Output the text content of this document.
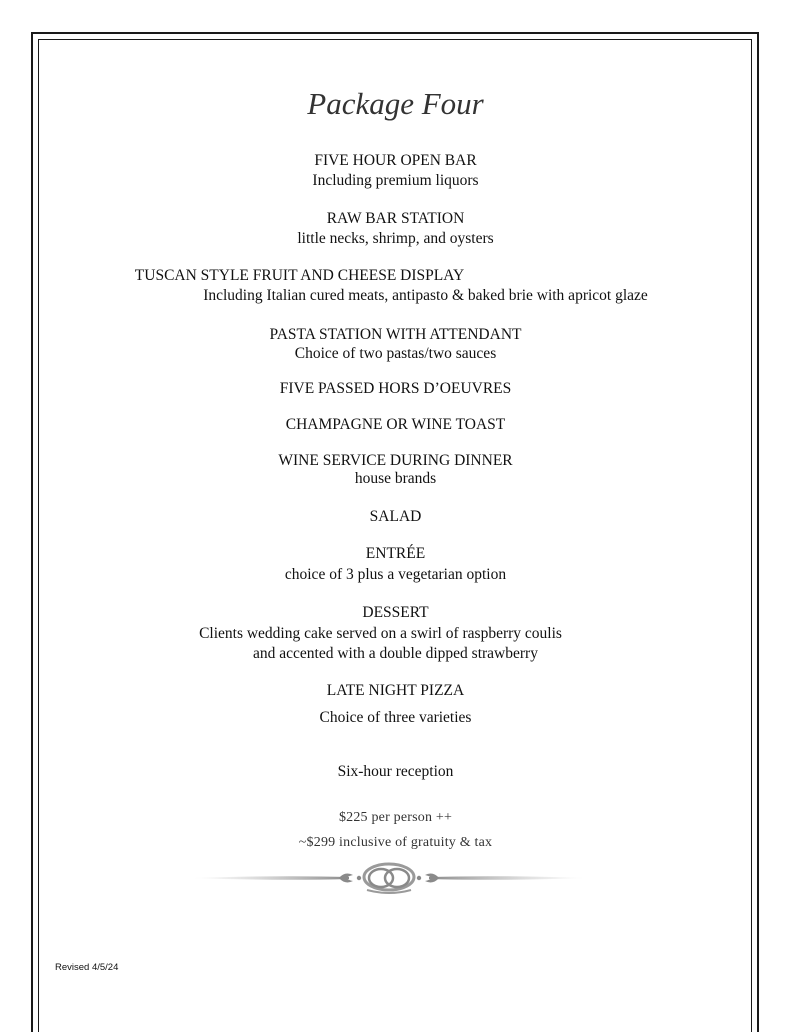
Package Four
FIVE HOUR OPEN BAR
Including premium liquors
RAW BAR STATION
little necks, shrimp, and oysters
TUSCAN STYLE FRUIT AND CHEESE DISPLAY
Including Italian cured meats, antipasto & baked brie with apricot glaze
PASTA STATION WITH ATTENDANT
Choice of two pastas/two sauces
FIVE PASSED HORS D’OEUVRES
CHAMPAGNE OR WINE TOAST
WINE SERVICE DURING DINNER
house brands
SALAD
ENTRÉE
choice of 3 plus a vegetarian option
DESSERT
Clients wedding cake served on a swirl of raspberry coulis
and accented with a double dipped strawberry
LATE NIGHT PIZZA
Choice of three varieties
Six-hour reception
$225 per person ++
~$299 inclusive of gratuity & tax
Revised 4/5/24
